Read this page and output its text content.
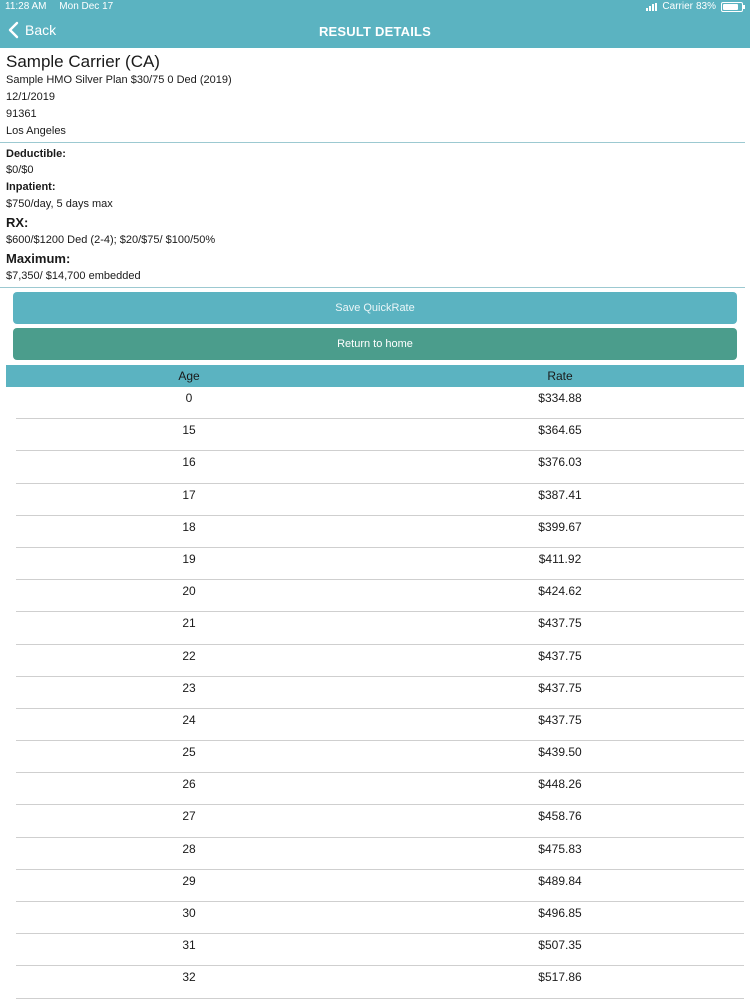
11:28 AM Mon Dec 17	Carrier 83%
Back	RESULT DETAILS
Sample Carrier (CA)
Sample HMO Silver Plan $30/75 0 Ded (2019)
12/1/2019
91361
Los Angeles
Deductible:
$0/$0
Inpatient:
$750/day, 5 days max
RX:
$600/$1200 Ded (2-4); $20/$75/ $100/50%
Maximum:
$7,350/ $14,700 embedded
Save QuickRate
Return to home
Age	Rate
0	$334.88
15	$364.65
16	$376.03
17	$387.41
18	$399.67
19	$411.92
20	$424.62
21	$437.75
22	$437.75
23	$437.75
24	$437.75
25	$439.50
26	$448.26
27	$458.76
28	$475.83
29	$489.84
30	$496.85
31	$507.35
32	$517.86
